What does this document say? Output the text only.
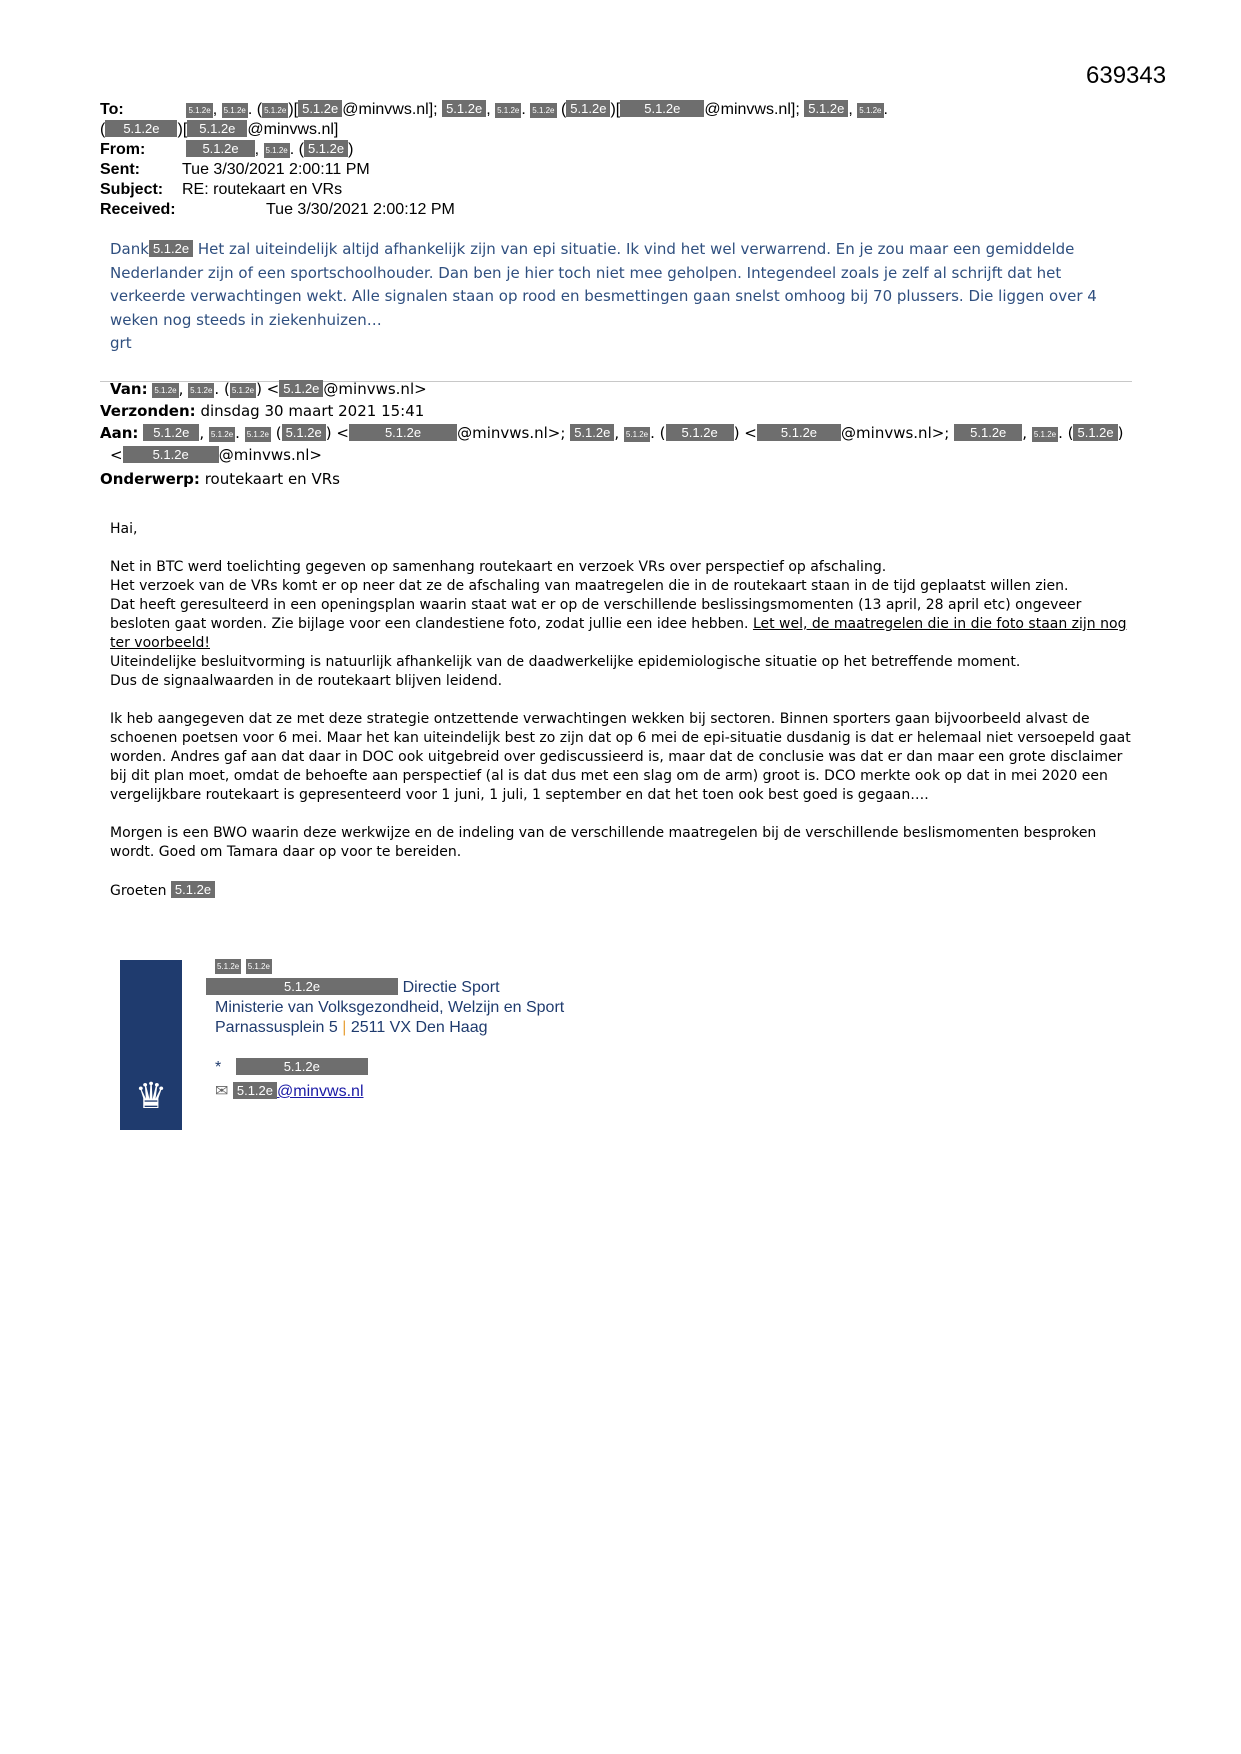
639343
To:	5.1.2e , 5.1.2e . ( 5.1.2e )[ 5.1.2e @minvws.nl]; 5.1.2e , 5.1.2e . 5.1.2e ( 5.1.2e )[ 5.1.2e @minvws.nl]; 5.1.2e , 5.1.2e .
( 5.1.2e )[ 5.1.2e @minvws.nl]
From:	5.1.2e , 5.1.2e . ( 5.1.2e )
Sent:	Tue 3/30/2021 2:00:11 PM
Subject: RE: routekaart en VRs
Received:	Tue 3/30/2021 2:00:12 PM
Dank 5.1.2e Het zal uiteindelijk altijd afhankelijk zijn van epi situatie. Ik vind het wel verwarrend. En je zou maar een gemiddelde Nederlander zijn of een sportschoolhouder. Dan ben je hier toch niet mee geholpen. Integendeel zoals je zelf al schrijft dat het verkeerde verwachtingen wekt. Alle signalen staan op rood en besmettingen gaan snelst omhoog bij 70 plussers. Die liggen over 4 weken nog steeds in ziekenhuizen…
grt
Van: 5.1.2e , 5.1.2e . ( 5.1.2e ) < 5.1.2e @minvws.nl>
Verzonden: dinsdag 30 maart 2021 15:41
Aan: 5.1.2e , 5.1.2e . 5.1.2e ( 5.1.2e ) <	5.1.2e @minvws.nl>; 5.1.2e , 5.1.2e . ( 5.1.2e ) < 5.1.2e @minvws.nl>; 5.1.2e , 5.1.2e . ( 5.1.2e )
< 5.1.2e @minvws.nl>
Onderwerp: routekaart en VRs

Hai,

Net in BTC werd toelichting gegeven op samenhang routekaart en verzoek VRs over perspectief op afschaling.
Het verzoek van de VRs komt er op neer dat ze de afschaling van maatregelen die in de routekaart staan in de tijd geplaatst willen zien.
Dat heeft geresulteerd in een openingsplan waarin staat wat er op de verschillende beslissingsmomenten (13 april, 28 april etc) ongeveer besloten gaat worden. Zie bijlage voor een clandestiene foto, zodat jullie een idee hebben. Let wel, de maatregelen die in die foto staan zijn nog ter voorbeeld!
Uiteindelijke besluitvorming is natuurlijk afhankelijk van de daadwerkelijke epidemiologische situatie op het betreffende moment.
Dus de signaalwaarden in de routekaart blijven leidend.

Ik heb aangegeven dat ze met deze strategie ontzettende verwachtingen wekken bij sectoren. Binnen sporters gaan bijvoorbeeld alvast de schoenen poetsen voor 6 mei. Maar het kan uiteindelijk best zo zijn dat op 6 mei de epi-situatie dusdanig is dat er helemaal niet versoepeld gaat worden. Andres gaf aan dat daar in DOC ook uitgebreid over gediscussieerd is, maar dat de conclusie was dat er dan maar een grote disclaimer bij dit plan moet, omdat de behoefte aan perspectief (al is dat dus met een slag om de arm) groot is. DCO merkte ook op dat in mei 2020 een vergelijkbare routekaart is gepresenteerd voor 1 juni, 1 juli, 1 september en dat het toen ook best goed is gegaan….

Morgen is een BWO waarin deze werkwijze en de indeling van de verschillende maatregelen bij de verschillende beslismomenten besproken wordt. Goed om Tamara daar op voor te bereiden.

Groeten 5.1.2e

♛
5.1.2e 5.1.2e
5.1.2e	Directie Sport
Ministerie van Volksgezondheid, Welzijn en Sport
Parnassusplein 5 | 2511 VX Den Haag
*	5.1.2e
✉ 5.1.2e @minvws.nl
